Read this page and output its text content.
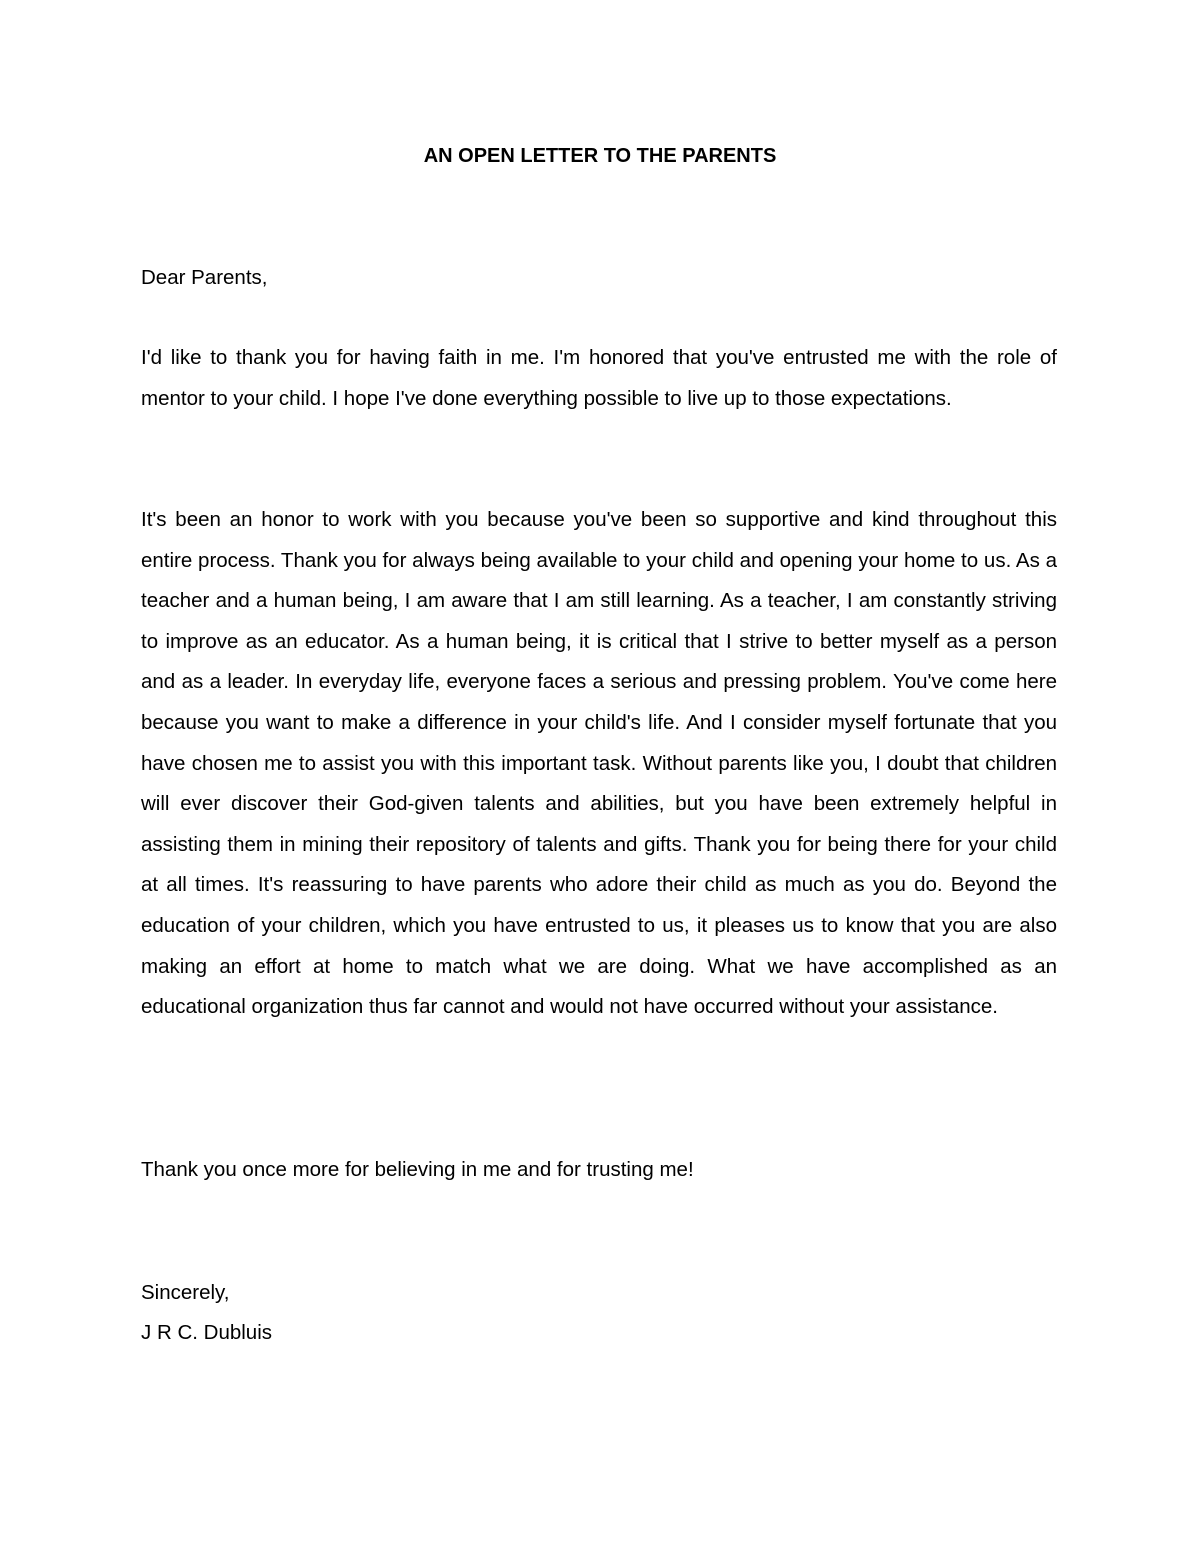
AN OPEN LETTER TO THE PARENTS

Dear Parents,

I'd like to thank you for having faith in me. I'm honored that you've entrusted me with the role of mentor to your child. I hope I've done everything possible to live up to those expectations.

It's been an honor to work with you because you've been so supportive and kind throughout this entire process. Thank you for always being available to your child and opening your home to us. As a teacher and a human being, I am aware that I am still learning. As a teacher, I am constantly striving to improve as an educator. As a human being, it is critical that I strive to better myself as a person and as a leader. In everyday life, everyone faces a serious and pressing problem. You've come here because you want to make a difference in your child's life. And I consider myself fortunate that you have chosen me to assist you with this important task. Without parents like you, I doubt that children will ever discover their God-given talents and abilities, but you have been extremely helpful in assisting them in mining their repository of talents and gifts. Thank you for being there for your child at all times. It's reassuring to have parents who adore their child as much as you do. Beyond the education of your children, which you have entrusted to us, it pleases us to know that you are also making an effort at home to match what we are doing. What we have accomplished as an educational organization thus far cannot and would not have occurred without your assistance.

Thank you once more for believing in me and for trusting me!

Sincerely,

J R C. Dubluis
